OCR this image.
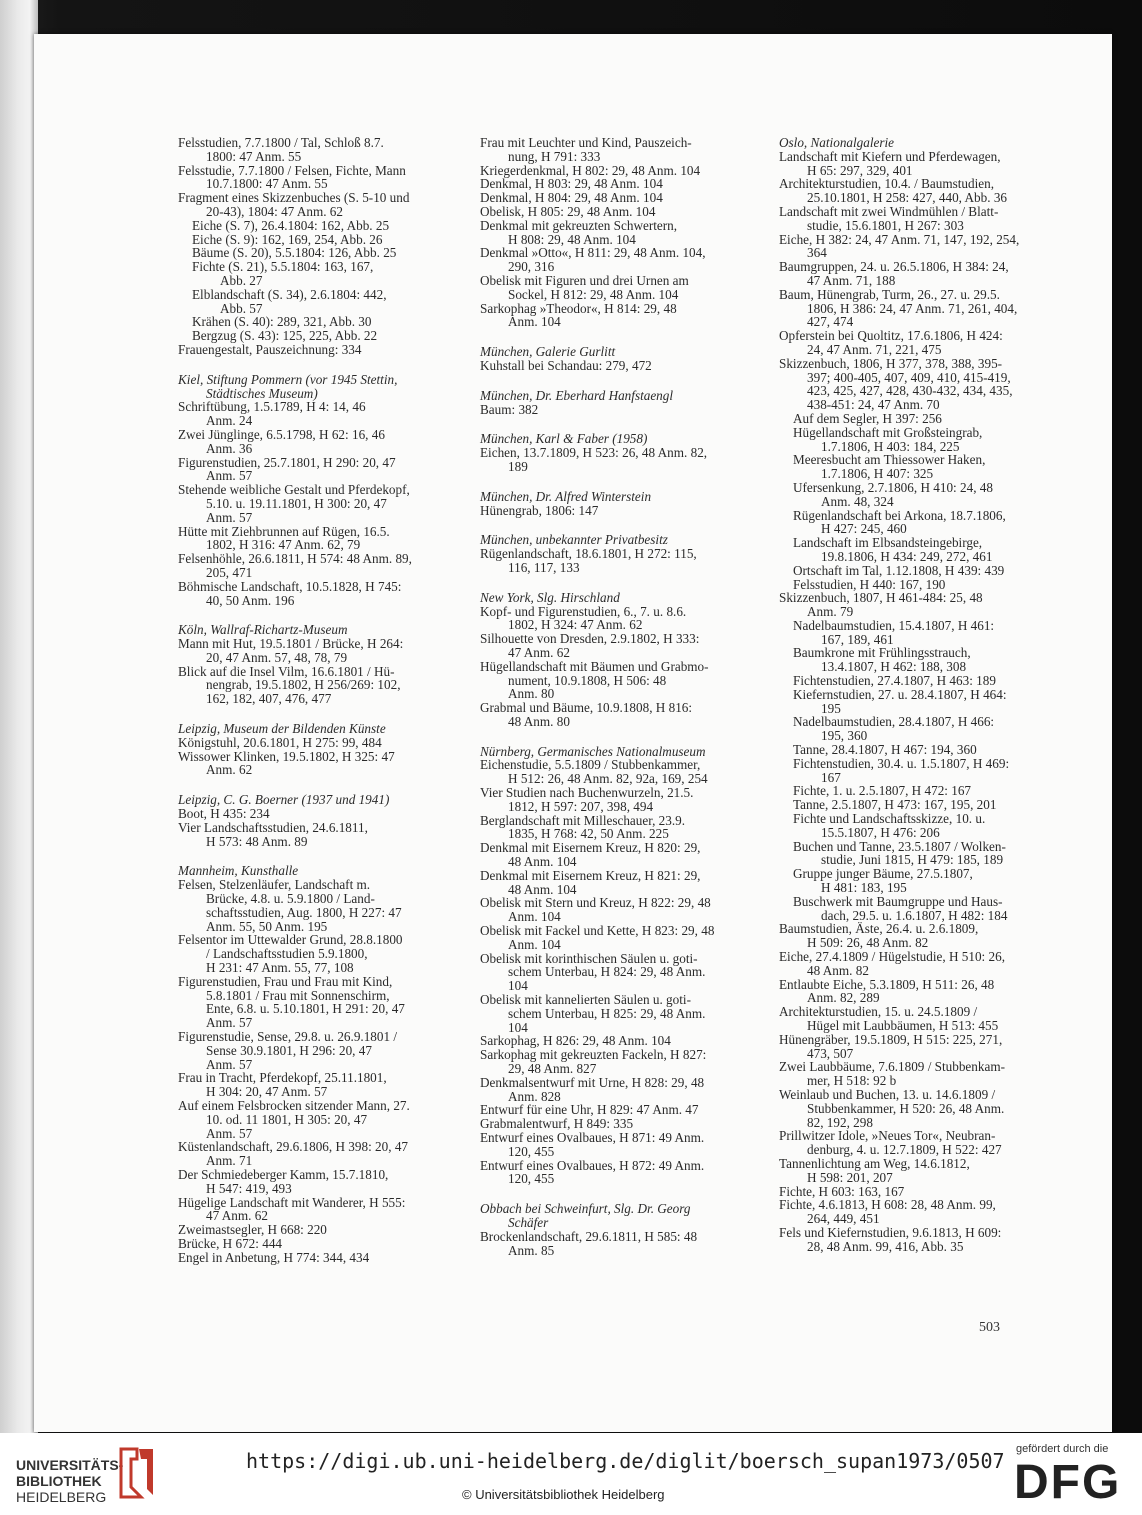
Felsstudien, 7.7.1800 / Tal, Schloß 8.7.
1800: 47 Anm. 55
Felsstudie, 7.7.1800 / Felsen, Fichte, Mann
10.7.1800: 47 Anm. 55
Fragment eines Skizzenbuches (S. 5-10 und
20-43), 1804: 47 Anm. 62
Eiche (S. 7), 26.4.1804: 162, Abb. 25
Eiche (S. 9): 162, 169, 254, Abb. 26
Bäume (S. 20), 5.5.1804: 126, Abb. 25
Fichte (S. 21), 5.5.1804: 163, 167,
Abb. 27
Elblandschaft (S. 34), 2.6.1804: 442,
Abb. 57
Krähen (S. 40): 289, 321, Abb. 30
Bergzug (S. 43): 125, 225, Abb. 22
Frauengestalt, Pauszeichnung: 334
Kiel, Stiftung Pommern (vor 1945 Stettin,
Städtisches Museum)
Schriftübung, 1.5.1789, H 4: 14, 46
Anm. 24
Zwei Jünglinge, 6.5.1798, H 62: 16, 46
Anm. 36
Figurenstudien, 25.7.1801, H 290: 20, 47
Anm. 57
Stehende weibliche Gestalt und Pferdekopf,
5.10. u. 19.11.1801, H 300: 20, 47
Anm. 57
Hütte mit Ziehbrunnen auf Rügen, 16.5.
1802, H 316: 47 Anm. 62, 79
Felsenhöhle, 26.6.1811, H 574: 48 Anm. 89,
205, 471
Böhmische Landschaft, 10.5.1828, H 745:
40, 50 Anm. 196
Köln, Wallraf-Richartz-Museum
Mann mit Hut, 19.5.1801 / Brücke, H 264:
20, 47 Anm. 57, 48, 78, 79
Blick auf die Insel Vilm, 16.6.1801 / Hü-
nengrab, 19.5.1802, H 256/269: 102,
162, 182, 407, 476, 477
Leipzig, Museum der Bildenden Künste
Königstuhl, 20.6.1801, H 275: 99, 484
Wissower Klinken, 19.5.1802, H 325: 47
Anm. 62
Leipzig, C. G. Boerner (1937 und 1941)
Boot, H 435: 234
Vier Landschaftsstudien, 24.6.1811,
H 573: 48 Anm. 89
Mannheim, Kunsthalle
Felsen, Stelzenläufer, Landschaft m.
Brücke, 4.8. u. 5.9.1800 / Land-
schaftsstudien, Aug. 1800, H 227: 47
Anm. 55, 50 Anm. 195
Felsentor im Uttewalder Grund, 28.8.1800
/ Landschaftsstudien 5.9.1800,
H 231: 47 Anm. 55, 77, 108
Figurenstudien, Frau und Frau mit Kind,
5.8.1801 / Frau mit Sonnenschirm,
Ente, 6.8. u. 5.10.1801, H 291: 20, 47
Anm. 57
Figurenstudie, Sense, 29.8. u. 26.9.1801 /
Sense 30.9.1801, H 296: 20, 47
Anm. 57
Frau in Tracht, Pferdekopf, 25.11.1801,
H 304: 20, 47 Anm. 57
Auf einem Felsbrocken sitzender Mann, 27.
10. od. 11 1801, H 305: 20, 47
Anm. 57
Küstenlandschaft, 29.6.1806, H 398: 20, 47
Anm. 71
Der Schmiedeberger Kamm, 15.7.1810,
H 547: 419, 493
Hügelige Landschaft mit Wanderer, H 555:
47 Anm. 62
Zweimastsegler, H 668: 220
Brücke, H 672: 444
Engel in Anbetung, H 774: 344, 434
Frau mit Leuchter und Kind, Pauszeich-
nung, H 791: 333
Kriegerdenkmal, H 802: 29, 48 Anm. 104
Denkmal, H 803: 29, 48 Anm. 104
Denkmal, H 804: 29, 48 Anm. 104
Obelisk, H 805: 29, 48 Anm. 104
Denkmal mit gekreuzten Schwertern,
H 808: 29, 48 Anm. 104
Denkmal »Otto«, H 811: 29, 48 Anm. 104,
290, 316
Obelisk mit Figuren und drei Urnen am
Sockel, H 812: 29, 48 Anm. 104
Sarkophag »Theodor«, H 814: 29, 48
Anm. 104
München, Galerie Gurlitt
Kuhstall bei Schandau: 279, 472
München, Dr. Eberhard Hanfstaengl
Baum: 382
München, Karl & Faber (1958)
Eichen, 13.7.1809, H 523: 26, 48 Anm. 82,
189
München, Dr. Alfred Winterstein
Hünengrab, 1806: 147
München, unbekannter Privatbesitz
Rügenlandschaft, 18.6.1801, H 272: 115,
116, 117, 133
New York, Slg. Hirschland
Kopf- und Figurenstudien, 6., 7. u. 8.6.
1802, H 324: 47 Anm. 62
Silhouette von Dresden, 2.9.1802, H 333:
47 Anm. 62
Hügellandschaft mit Bäumen und Grabmo-
nument, 10.9.1808, H 506: 48
Anm. 80
Grabmal und Bäume, 10.9.1808, H 816:
48 Anm. 80
Nürnberg, Germanisches Nationalmuseum
Eichenstudie, 5.5.1809 / Stubbenkammer,
H 512: 26, 48 Anm. 82, 92a, 169, 254
Vier Studien nach Buchenwurzeln, 21.5.
1812, H 597: 207, 398, 494
Berglandschaft mit Milleschauer, 23.9.
1835, H 768: 42, 50 Anm. 225
Denkmal mit Eisernem Kreuz, H 820: 29,
48 Anm. 104
Denkmal mit Eisernem Kreuz, H 821: 29,
48 Anm. 104
Obelisk mit Stern und Kreuz, H 822: 29, 48
Anm. 104
Obelisk mit Fackel und Kette, H 823: 29, 48
Anm. 104
Obelisk mit korinthischen Säulen u. goti-
schem Unterbau, H 824: 29, 48 Anm.
104
Obelisk mit kannelierten Säulen u. goti-
schem Unterbau, H 825: 29, 48 Anm.
104
Sarkophag, H 826: 29, 48 Anm. 104
Sarkophag mit gekreuzten Fackeln, H 827:
29, 48 Anm. 827
Denkmalsentwurf mit Urne, H 828: 29, 48
Anm. 828
Entwurf für eine Uhr, H 829: 47 Anm. 47
Grabmalentwurf, H 849: 335
Entwurf eines Ovalbaues, H 871: 49 Anm.
120, 455
Entwurf eines Ovalbaues, H 872: 49 Anm.
120, 455
Obbach bei Schweinfurt, Slg. Dr. Georg
Schäfer
Brockenlandschaft, 29.6.1811, H 585: 48
Anm. 85
Oslo, Nationalgalerie
Landschaft mit Kiefern und Pferdewagen,
H 65: 297, 329, 401
Architekturstudien, 10.4. / Baumstudien,
25.10.1801, H 258: 427, 440, Abb. 36
Landschaft mit zwei Windmühlen / Blatt-
studie, 15.6.1801, H 267: 303
Eiche, H 382: 24, 47 Anm. 71, 147, 192, 254,
364
Baumgruppen, 24. u. 26.5.1806, H 384: 24,
47 Anm. 71, 188
Baum, Hünengrab, Turm, 26., 27. u. 29.5.
1806, H 386: 24, 47 Anm. 71, 261, 404,
427, 474
Opferstein bei Quoltitz, 17.6.1806, H 424:
24, 47 Anm. 71, 221, 475
Skizzenbuch, 1806, H 377, 378, 388, 395-
397; 400-405, 407, 409, 410, 415-419,
423, 425, 427, 428, 430-432, 434, 435,
438-451: 24, 47 Anm. 70
Auf dem Segler, H 397: 256
Hügellandschaft mit Großsteingrab,
1.7.1806, H 403: 184, 225
Meeresbucht am Thiessower Haken,
1.7.1806, H 407: 325
Ufersenkung, 2.7.1806, H 410: 24, 48
Anm. 48, 324
Rügenlandschaft bei Arkona, 18.7.1806,
H 427: 245, 460
Landschaft im Elbsandsteingebirge,
19.8.1806, H 434: 249, 272, 461
Ortschaft im Tal, 1.12.1808, H 439: 439
Felsstudien, H 440: 167, 190
Skizzenbuch, 1807, H 461-484: 25, 48
Anm. 79
Nadelbaumstudien, 15.4.1807, H 461:
167, 189, 461
Baumkrone mit Frühlingsstrauch,
13.4.1807, H 462: 188, 308
Fichtenstudien, 27.4.1807, H 463: 189
Kiefernstudien, 27. u. 28.4.1807, H 464:
195
Nadelbaumstudien, 28.4.1807, H 466:
195, 360
Tanne, 28.4.1807, H 467: 194, 360
Fichtenstudien, 30.4. u. 1.5.1807, H 469:
167
Fichte, 1. u. 2.5.1807, H 472: 167
Tanne, 2.5.1807, H 473: 167, 195, 201
Fichte und Landschaftsskizze, 10. u.
15.5.1807, H 476: 206
Buchen und Tanne, 23.5.1807 / Wolken-
studie, Juni 1815, H 479: 185, 189
Gruppe junger Bäume, 27.5.1807,
H 481: 183, 195
Buschwerk mit Baumgruppe und Haus-
dach, 29.5. u. 1.6.1807, H 482: 184
Baumstudien, Äste, 26.4. u. 2.6.1809,
H 509: 26, 48 Anm. 82
Eiche, 27.4.1809 / Hügelstudie, H 510: 26,
48 Anm. 82
Entlaubte Eiche, 5.3.1809, H 511: 26, 48
Anm. 82, 289
Architekturstudien, 15. u. 24.5.1809 /
Hügel mit Laubbäumen, H 513: 455
Hünengräber, 19.5.1809, H 515: 225, 271,
473, 507
Zwei Laubbäume, 7.6.1809 / Stubbenkam-
mer, H 518: 92 b
Weinlaub und Buchen, 13. u. 14.6.1809 /
Stubbenkammer, H 520: 26, 48 Anm.
82, 192, 298
Prillwitzer Idole, »Neues Tor«, Neubran-
denburg, 4. u. 12.7.1809, H 522: 427
Tannenlichtung am Weg, 14.6.1812,
H 598: 201, 207
Fichte, H 603: 163, 167
Fichte, 4.6.1813, H 608: 28, 48 Anm. 99,
264, 449, 451
Fels und Kiefernstudien, 9.6.1813, H 609:
28, 48 Anm. 99, 416, Abb. 35
503
UNIVERSITÄTS-
BIBLIOTHEK
HEIDELBERG
https://digi.ub.uni-heidelberg.de/diglit/boersch_supan1973/0507
© Universitätsbibliothek Heidelberg
gefördert durch die
DFG
